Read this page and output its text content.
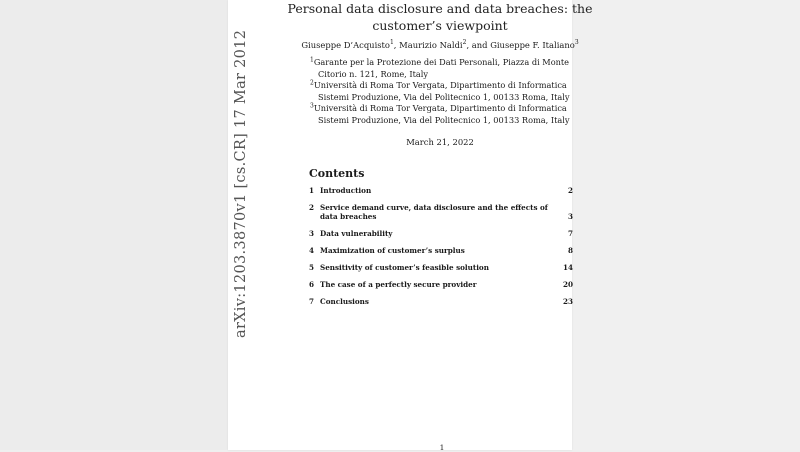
arXiv:1203.3870v1 [cs.CR] 17 Mar 2012
Personal data disclosure and data breaches: the
customer’s viewpoint
Giuseppe D’Acquisto$^1$, Maurizio Naldi$^2$, and Giuseppe F. Italiano$^3$
$^1$Garante per la Protezione dei Dati Personali, Piazza di Monte Citorio n. 121, Rome, Italy
$^2$Università di Roma Tor Vergata, Dipartimento di Informatica Sistemi Produzione, Via del Politecnico 1, 00133 Roma, Italy
$^3$Università di Roma Tor Vergata, Dipartimento di Informatica Sistemi Produzione, Via del Politecnico 1, 00133 Roma, Italy
March 21, 2022
Contents
1 Introduction	2
2 Service demand curve, data disclosure and the effects of data breaches	3
3 Data vulnerability	7
4 Maximization of customer’s surplus	8
5 Sensitivity of customer’s feasible solution	14
6 The case of a perfectly secure provider	20
7 Conclusions	23
1
